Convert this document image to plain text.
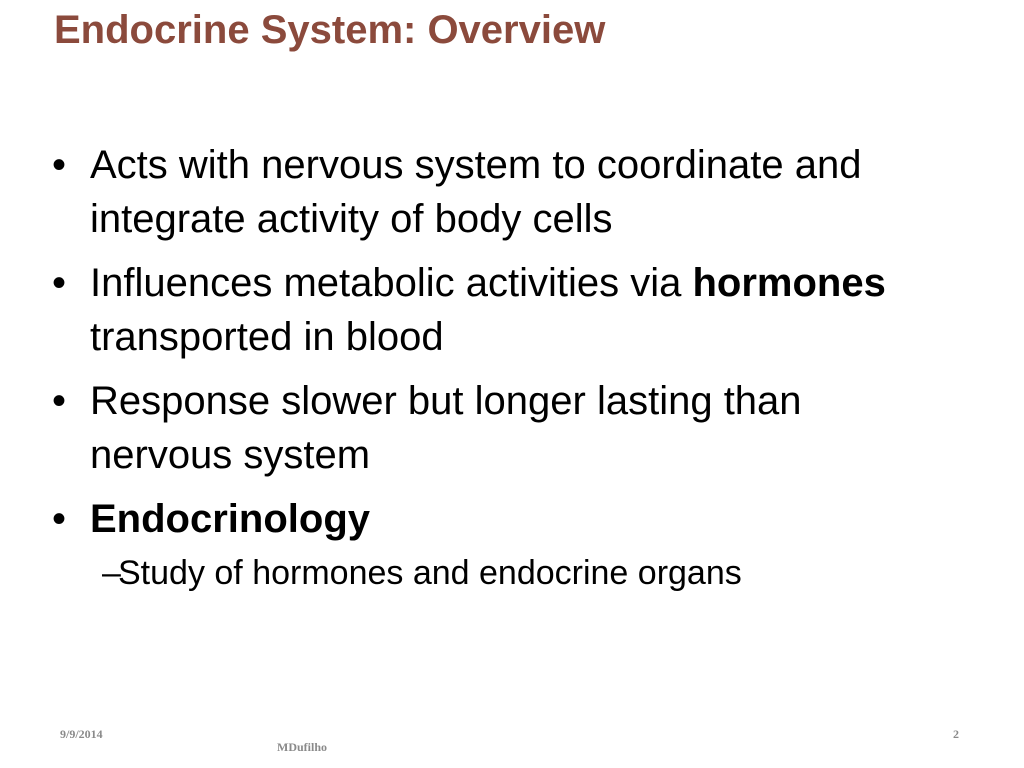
Endocrine System: Overview
• Acts with nervous system to coordinate and integrate activity of body cells
• Influences metabolic activities via hormones transported in blood
• Response slower but longer lasting than nervous system
• Endocrinology
–
Study of hormones and endocrine organs
9/9/2014
MDufilho
2
